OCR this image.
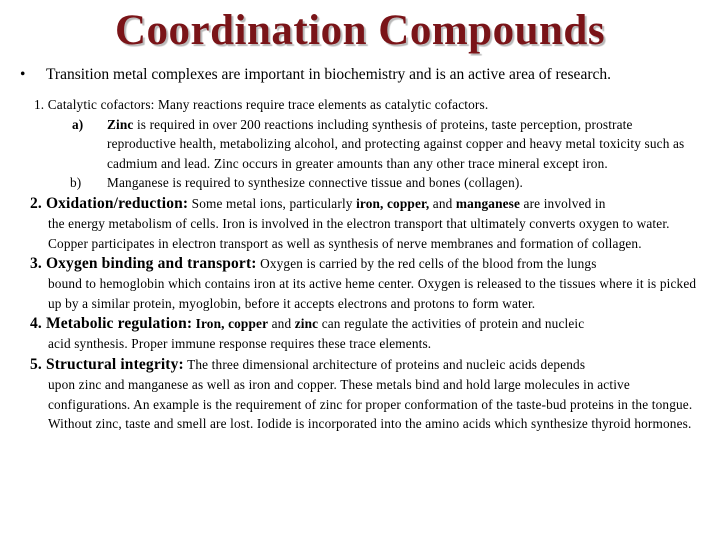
Coordination Compounds
• Transition metal complexes are important in biochemistry and is an active area of research.
1. Catalytic cofactors: Many reactions require trace elements as catalytic cofactors.
a) Zinc is required in over 200 reactions including synthesis of proteins, taste perception, prostrate reproductive health, metabolizing alcohol, and protecting against copper and heavy metal toxicity such as cadmium and lead. Zinc occurs in greater amounts than any other trace mineral except iron.
b) Manganese is required to synthesize connective tissue and bones (collagen).
2. Oxidation/reduction: Some metal ions, particularly iron, copper, and manganese are involved in
the energy metabolism of cells. Iron is involved in the electron transport that ultimately converts oxygen to water. Copper participates in electron transport as well as synthesis of nerve membranes and formation of collagen.
3. Oxygen binding and transport: Oxygen is carried by the red cells of the blood from the lungs
bound to hemoglobin which contains iron at its active heme center. Oxygen is released to the tissues where it is picked up by a similar protein, myoglobin, before it accepts electrons and protons to form water.
4. Metabolic regulation: Iron, copper and zinc can regulate the activities of protein and nucleic
acid synthesis. Proper immune response requires these trace elements.
5. Structural integrity: The three dimensional architecture of proteins and nucleic acids depends
upon zinc and manganese as well as iron and copper. These metals bind and hold large molecules in active configurations. An example is the requirement of zinc for proper conformation of the taste-bud proteins in the tongue. Without zinc, taste and smell are lost. Iodide is incorporated into the amino acids which synthesize thyroid hormones.
